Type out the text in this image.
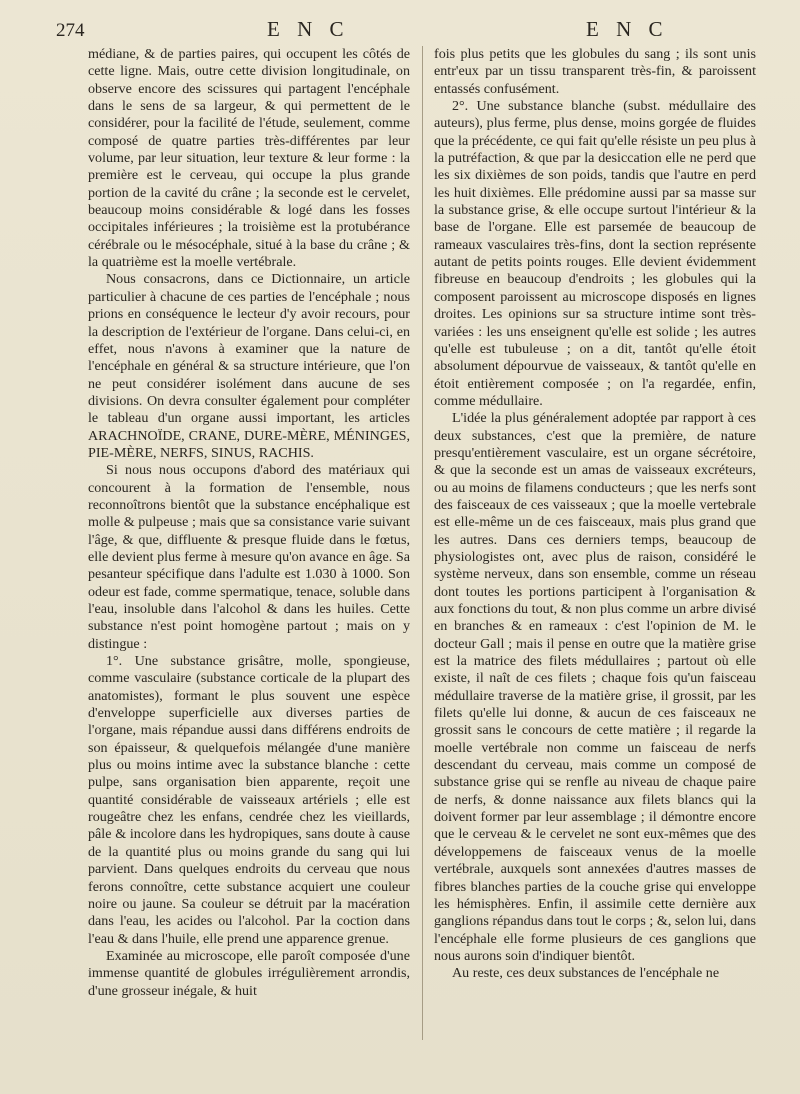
274	E N C	E N C

médiane, & de parties paires, qui occupent les côtés de cette ligne. Mais, outre cette division longitudinale, on observe encore des scissures qui partagent l'encéphale dans le sens de sa largeur, & qui permettent de le considérer, pour la facilité de l'étude, seulement, comme composé de quatre parties très-différentes par leur volume, par leur situation, leur texture & leur forme : la première est le cerveau, qui occupe la plus grande portion de la cavité du crâne ; la seconde est le cervelet, beaucoup moins considérable & logé dans les fosses occipitales inférieures ; la troisième est la protubérance cérébrale ou le mésocéphale, situé à la base du crâne ; & la quatrième est la moelle vertébrale.

Nous consacrons, dans ce Dictionnaire, un article particulier à chacune de ces parties de l'encéphale ; nous prions en conséquence le lecteur d'y avoir recours, pour la description de l'extérieur de l'organe. Dans celui-ci, en effet, nous n'avons à examiner que la nature de l'encéphale en général & sa structure intérieure, que l'on ne peut considérer isolément dans aucune de ses divisions. On devra consulter également pour compléter le tableau d'un organe aussi important, les articles ARACHNOÏDE, CRANE, DURE-MÈRE, MÉNINGES, PIE-MÈRE, NERFS, SINUS, RACHIS.

Si nous nous occupons d'abord des matériaux qui concourent à la formation de l'ensemble, nous reconnoîtrons bientôt que la substance encéphalique est molle & pulpeuse ; mais que sa consistance varie suivant l'âge, & que, diffluente & presque fluide dans le fœtus, elle devient plus ferme à mesure qu'on avance en âge. Sa pesanteur spécifique dans l'adulte est 1.030 à 1000. Son odeur est fade, comme spermatique, tenace, soluble dans l'eau, insoluble dans l'alcohol & dans les huiles. Cette substance n'est point homogène partout ; mais on y distingue :

1°. Une substance grisâtre, molle, spongieuse, comme vasculaire (substance corticale de la plupart des anatomistes), formant le plus souvent une espèce d'enveloppe superficielle aux diverses parties de l'organe, mais répandue aussi dans différens endroits de son épaisseur, & quelquefois mélangée d'une manière plus ou moins intime avec la substance blanche : cette pulpe, sans organisation bien apparente, reçoit une quantité considérable de vaisseaux artériels ; elle est rougeâtre chez les enfans, cendrée chez les vieillards, pâle & incolore dans les hydropiques, sans doute à cause de la quantité plus ou moins grande du sang qui lui parvient. Dans quelques endroits du cerveau que nous ferons connoître, cette substance acquiert une couleur noire ou jaune. Sa couleur se détruit par la macération dans l'eau, les acides ou l'alcohol. Par la coction dans l'eau & dans l'huile, elle prend une apparence grenue.

Examinée au microscope, elle paroît composée d'une immense quantité de globules irrégulièrement arrondis, d'une grosseur inégale, & huit

fois plus petits que les globules du sang ; ils sont unis entr'eux par un tissu transparent très-fin, & paroissent entassés confusément.

2°. Une substance blanche (subst. médullaire des auteurs), plus ferme, plus dense, moins gorgée de fluides que la précédente, ce qui fait qu'elle résiste un peu plus à la putréfaction, & que par la desiccation elle ne perd que les six dixièmes de son poids, tandis que l'autre en perd les huit dixièmes. Elle prédomine aussi par sa masse sur la substance grise, & elle occupe surtout l'intérieur & la base de l'organe. Elle est parsemée de beaucoup de rameaux vasculaires très-fins, dont la section représente autant de petits points rouges. Elle devient évidemment fibreuse en beaucoup d'endroits ; les globules qui la composent paroissent au microscope disposés en lignes droites. Les opinions sur sa structure intime sont très-variées : les uns enseignent qu'elle est solide ; les autres qu'elle est tubuleuse ; on a dit, tantôt qu'elle étoit absolument dépourvue de vaisseaux, & tantôt qu'elle en étoit entièrement composée ; on l'a regardée, enfin, comme médullaire.

L'idée la plus généralement adoptée par rapport à ces deux substances, c'est que la première, de nature presqu'entièrement vasculaire, est un organe sécrétoire, & que la seconde est un amas de vaisseaux excréteurs, ou au moins de filamens conducteurs ; que les nerfs sont des faisceaux de ces vaisseaux ; que la moelle vertebrale est elle-même un de ces faisceaux, mais plus grand que les autres. Dans ces derniers temps, beaucoup de physiologistes ont, avec plus de raison, considéré le système nerveux, dans son ensemble, comme un réseau dont toutes les portions participent à l'organisation & aux fonctions du tout, & non plus comme un arbre divisé en branches & en rameaux : c'est l'opinion de M. le docteur Gall ; mais il pense en outre que la matière grise est la matrice des filets médullaires ; partout où elle existe, il naît de ces filets ; chaque fois qu'un faisceau médullaire traverse de la matière grise, il grossit, par les filets qu'elle lui donne, & aucun de ces faisceaux ne grossit sans le concours de cette matière ; il regarde la moelle vertébrale non comme un faisceau de nerfs descendant du cerveau, mais comme un composé de substance grise qui se renfle au niveau de chaque paire de nerfs, & donne naissance aux filets blancs qui la doivent former par leur assemblage ; il démontre encore que le cerveau & le cervelet ne sont eux-mêmes que des développemens de faisceaux venus de la moelle vertébrale, auxquels sont annexées d'autres masses de fibres blanches parties de la couche grise qui enveloppe les hémisphères. Enfin, il assimile cette dernière aux ganglions répandus dans tout le corps ; &, selon lui, dans l'encéphale elle forme plusieurs de ces ganglions que nous aurons soin d'indiquer bientôt.

Au reste, ces deux substances de l'encéphale ne
